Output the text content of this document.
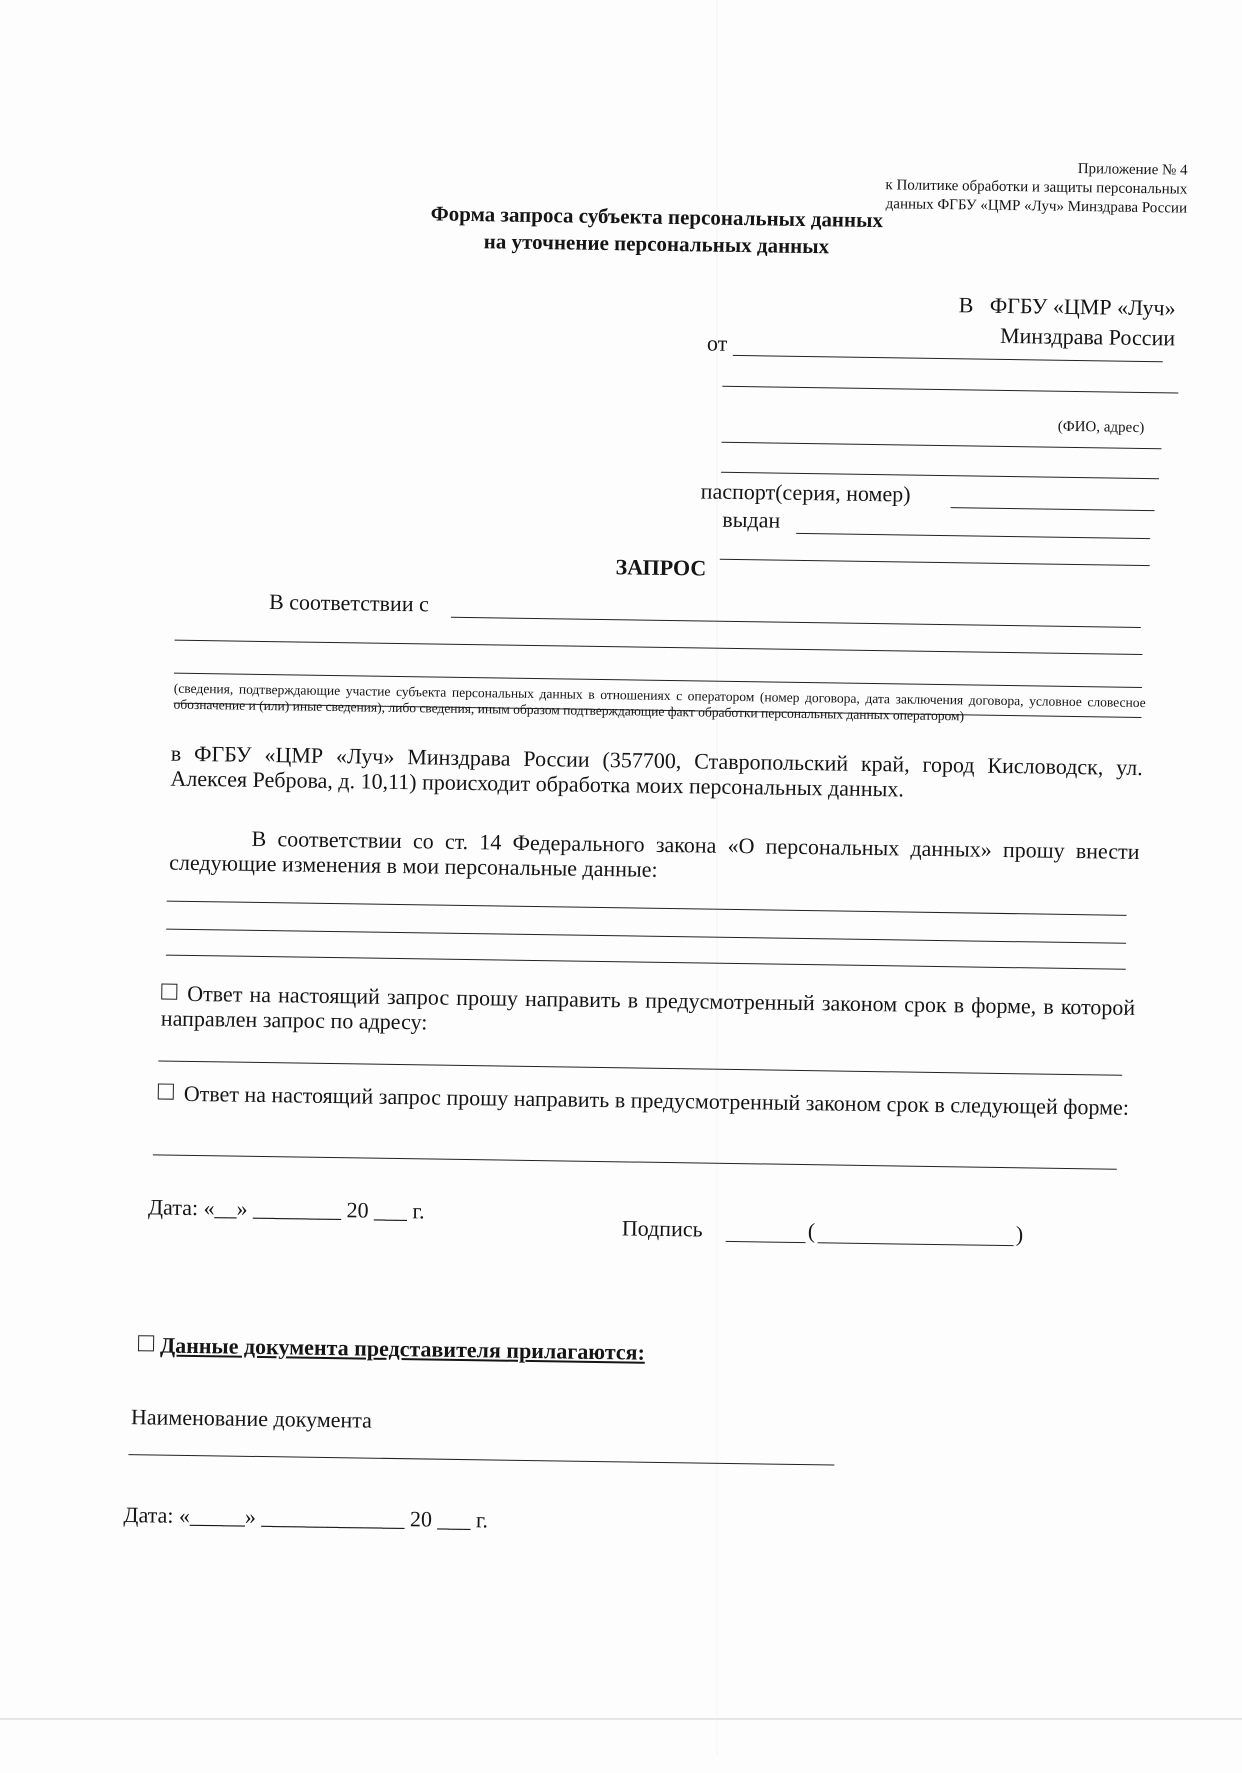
Приложение № 4
к Политике обработки и защиты персональных
данных ФГБУ «ЦМР «Луч» Минздрава России
Форма запроса субъекта персональных данных
на уточнение персональных данных
В   ФГБУ «ЦМР «Луч»
Минздрава России
от
(ФИО, адрес)
паспорт(серия, номер)
выдан
ЗАПРОС
В соответствии с
(сведения, подтверждающие участие субъекта персональных данных в отношениях с оператором (номер договора, дата заключения договора, условное словесное обозначение и (или) иные сведения), либо сведения, иным образом подтверждающие факт обработки персональных данных оператором)
в ФГБУ «ЦМР «Луч» Минздрава России (357700, Ставропольский край, город Кисловодск, ул. Алексея Реброва, д. 10,11) происходит обработка моих персональных данных.
В соответствии со ст. 14 Федерального закона «О персональных данных» прошу внести следующие изменения в мои персональные данные:
Ответ на настоящий запрос прошу направить в предусмотренный законом срок в форме, в которой направлен запрос по адресу:
Ответ на настоящий запрос прошу направить в предусмотренный законом срок в следующей форме:
Дата: «__» ________ 20 ___ г.
Подпись	(	)
Данные документа представителя прилагаются:
Наименование документа
Дата: «_____» _____________ 20 ___ г.
